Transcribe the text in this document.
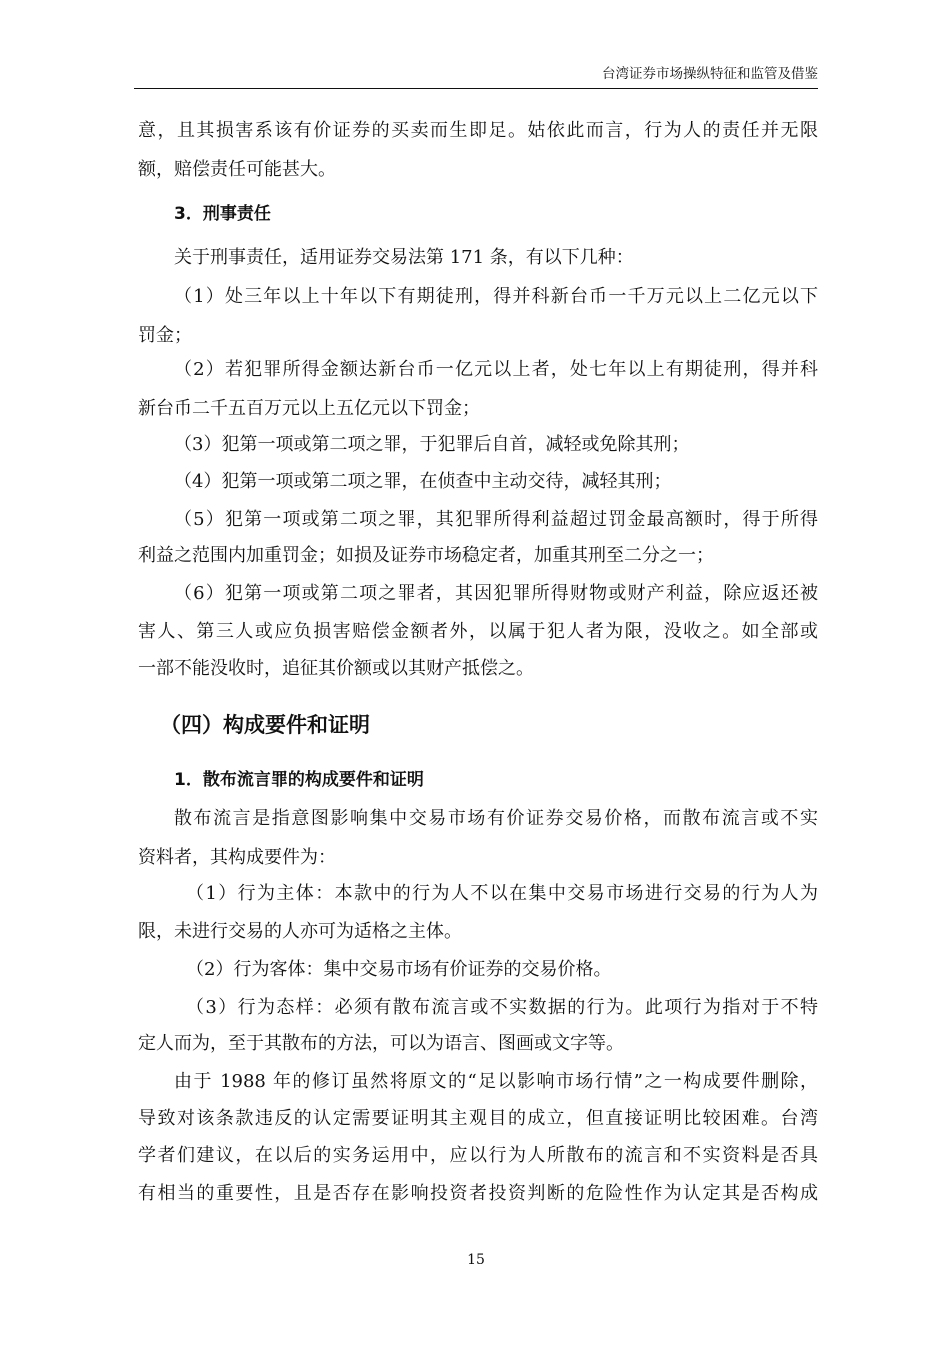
台湾证券市场操纵特征和监管及借鉴
意，且其损害系该有价证券的买卖而生即足。姑依此而言，行为人的责任并无限
额，赔偿责任可能甚大。
3．刑事责任
关于刑事责任，适用证券交易法第 171 条，有以下几种：
（1）处三年以上十年以下有期徒刑，得并科新台币一千万元以上二亿元以下
罚金；
（2）若犯罪所得金额达新台币一亿元以上者，处七年以上有期徒刑，得并科
新台币二千五百万元以上五亿元以下罚金；
（3）犯第一项或第二项之罪，于犯罪后自首，减轻或免除其刑；
（4）犯第一项或第二项之罪，在侦查中主动交待，减轻其刑；
（5）犯第一项或第二项之罪，其犯罪所得利益超过罚金最高额时，得于所得
利益之范围内加重罚金；如损及证券市场稳定者，加重其刑至二分之一；
（6）犯第一项或第二项之罪者，其因犯罪所得财物或财产利益，除应返还被
害人、第三人或应负损害赔偿金额者外，以属于犯人者为限，没收之。如全部或
一部不能没收时，追征其价额或以其财产抵偿之。
（四）构成要件和证明
1．散布流言罪的构成要件和证明
散布流言是指意图影响集中交易市场有价证券交易价格，而散布流言或不实
资料者，其构成要件为：
（1）行为主体：本款中的行为人不以在集中交易市场进行交易的行为人为
限，未进行交易的人亦可为适格之主体。
（2）行为客体：集中交易市场有价证券的交易价格。
（3）行为态样：必须有散布流言或不实数据的行为。此项行为指对于不特
定人而为，至于其散布的方法，可以为语言、图画或文字等。
由于 1988 年的修订虽然将原文的“足以影响市场行情”之一构成要件删除，
导致对该条款违反的认定需要证明其主观目的成立，但直接证明比较困难。台湾
学者们建议，在以后的实务运用中，应以行为人所散布的流言和不实资料是否具
有相当的重要性，且是否存在影响投资者投资判断的危险性作为认定其是否构成
15
